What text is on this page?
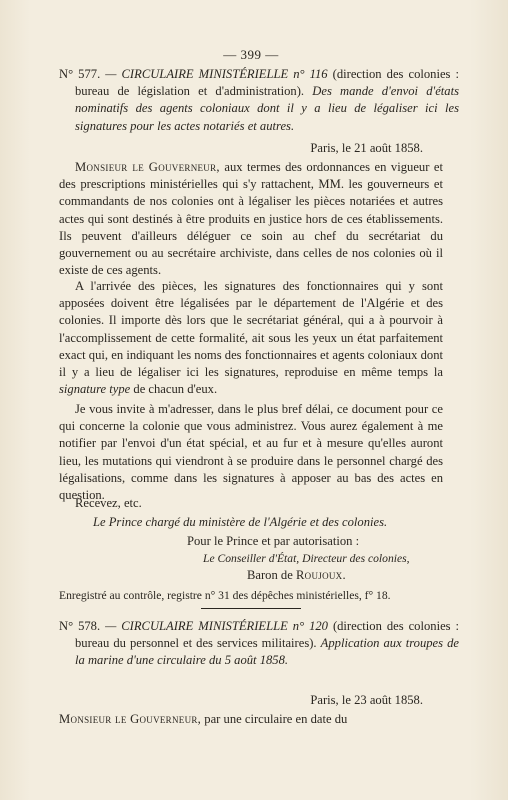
— 399 —
N° 577. — CIRCULAIRE MINISTÉRIELLE n° 116 (direction des colonies : bureau de législation et d'administration). Des mande d'envoi d'états nominatifs des agents coloniaux dont il y a lieu de légaliser ici les signatures pour les actes notariés et autres.
Paris, le 21 août 1858.
Monsieur le Gouverneur, aux termes des ordonnances en vigueur et des prescriptions ministérielles qui s'y rattachent, MM. les gouverneurs et commandants de nos colonies ont à légaliser les pièces notariées et autres actes qui sont destinés à être produits en justice hors de ces établissements. Ils peuvent d'ailleurs déléguer ce soin au chef du secrétariat du gouvernement ou au secrétaire archiviste, dans celles de nos colonies où il existe de ces agents.
A l'arrivée des pièces, les signatures des fonctionnaires qui y sont apposées doivent être légalisées par le département de l'Algérie et des colonies. Il importe dès lors que le secrétariat général, qui a à pourvoir à l'accomplissement de cette formalité, ait sous les yeux un état parfaitement exact qui, en indiquant les noms des fonctionnaires et agents coloniaux dont il y a lieu de légaliser ici les signatures, reproduise en même temps la signature type de chacun d'eux.
Je vous invite à m'adresser, dans le plus bref délai, ce document pour ce qui concerne la colonie que vous administrez. Vous aurez également à me notifier par l'envoi d'un état spécial, et au fur et à mesure qu'elles auront lieu, les mutations qui viendront à se produire dans le personnel chargé des légalisations, comme dans les signatures à apposer au bas des actes en question.
Recevez, etc.
Le Prince chargé du ministère de l'Algérie et des colonies.
Pour le Prince et par autorisation :
Le Conseiller d'État, Directeur des colonies,
Baron de Roujoux.
Enregistré au contrôle, registre n° 31 des dépêches ministérielles, f° 18.
N° 578. — CIRCULAIRE MINISTÉRIELLE n° 120 (direction des colonies : bureau du personnel et des services militaires). Application aux troupes de la marine d'une circulaire du 5 août 1858.
Paris, le 23 août 1858.
Monsieur le Gouverneur, par une circulaire en date du
